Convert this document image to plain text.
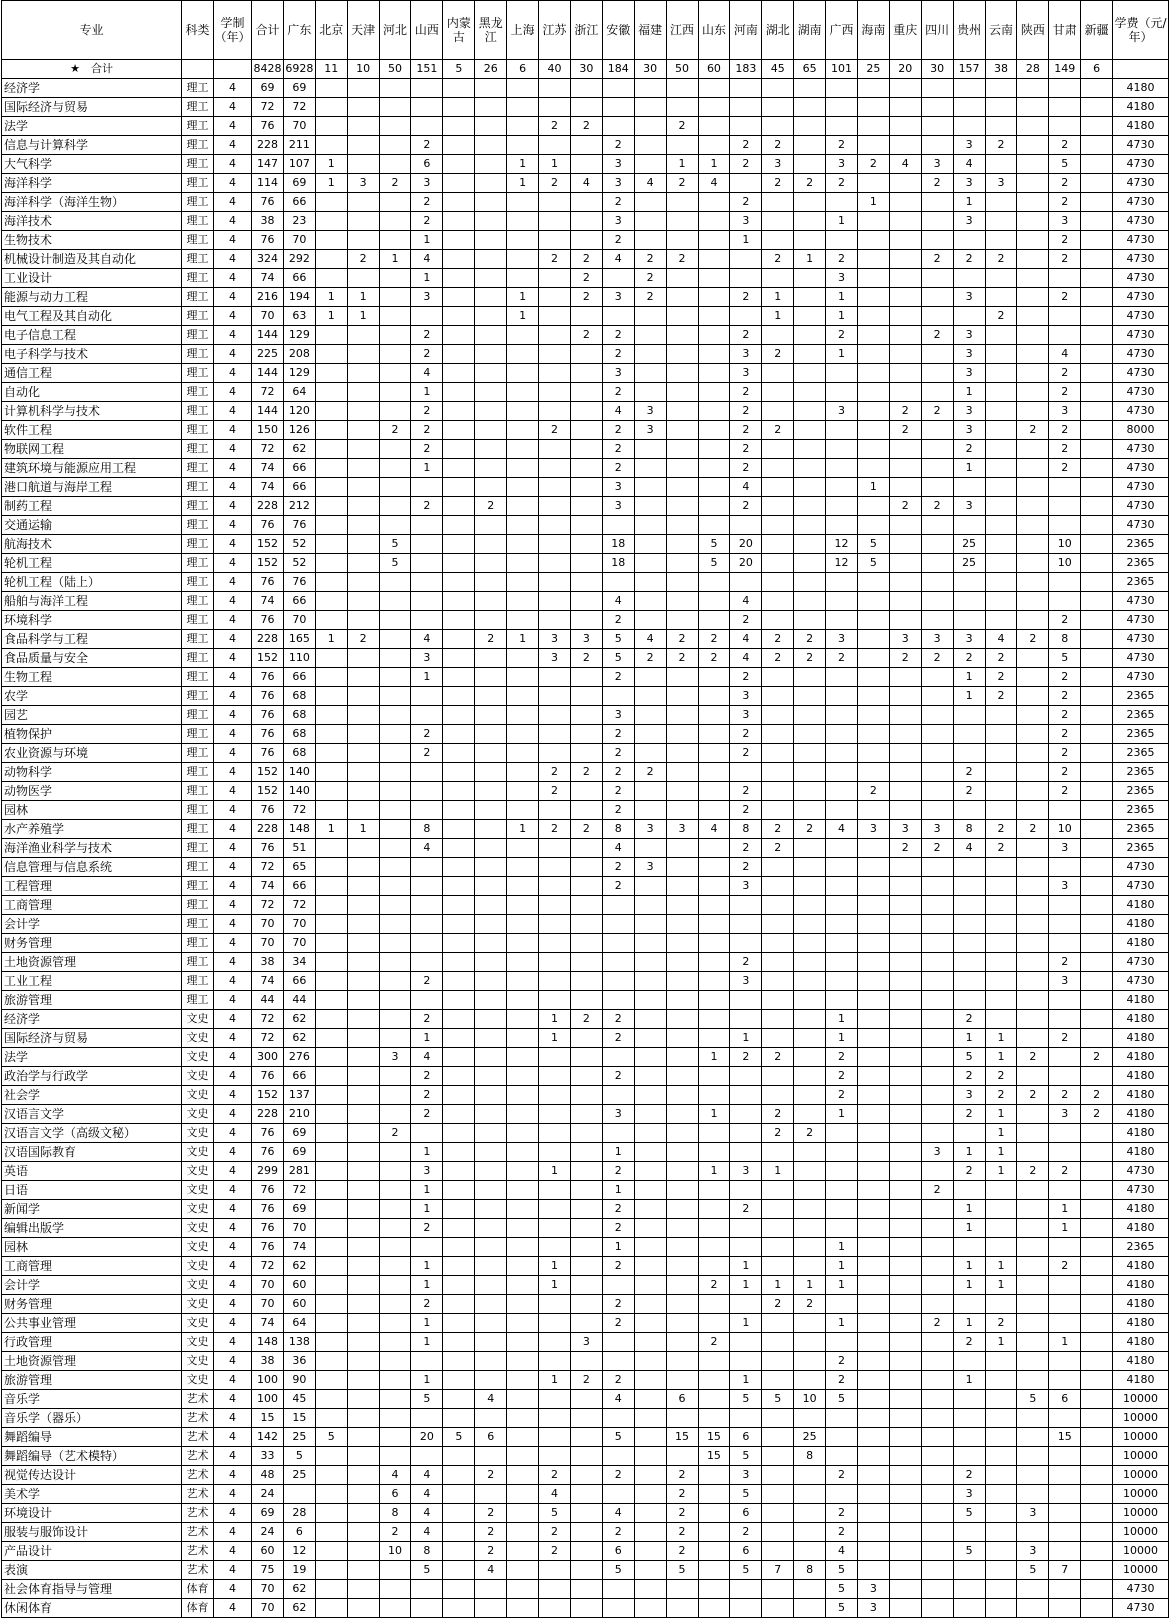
专业	科类	学制（年）	合计	广东	北京	天津	河北	山西	内蒙古	黑龙江	上海	江苏	浙江	安徽	福建	江西	山东	河南	湖北	湖南	广西	海南	重庆	四川	贵州	云南	陕西	甘肃	新疆	学费（元/年）
★　合计			8428	6928	11	10	50	151	5	26	6	40	30	184	30	50	60	183	45	65	101	25	20	30	157	38	28	149	6	
经济学	理工	4	69	69																										4180
国际经济与贸易	理工	4	72	72																										4180
法学	理工	4	76	70								2	2			2														4180
信息与计算科学	理工	4	228	211				2						2				2	2		2				3	2		2		4730
大气科学	理工	4	147	107	1			6			1	1		3		1	1	2	3		3	2	4	3	4			5		4730
海洋科学	理工	4	114	69	1	3	2	3			1	2	4	3	4	2	4		2	2	2			2	3	3		2		4730
海洋科学（海洋生物）	理工	4	76	66				2						2				2				1			1			2		4730
海洋技术	理工	4	38	23				2						3				3			1				3			3		4730
生物技术	理工	4	76	70				1						2				1										2		4730
机械设计制造及其自动化	理工	4	324	292		2	1	4				2	2	4	2	2			2	1	2			2	2	2		2		4730
工业设计	理工	4	74	66				1					2		2						3									4730
能源与动力工程	理工	4	216	194	1	1		3			1		2	3	2			2	1		1				3			2		4730
电气工程及其自动化	理工	4	70	63	1	1					1								1		1					2				4730
电子信息工程	理工	4	144	129				2					2	2				2			2			2	3					4730
电子科学与技术	理工	4	225	208				2						2				3	2		1				3			4		4730
通信工程	理工	4	144	129				4						3				3							3			2		4730
自动化	理工	4	72	64				1						2				2							1			2		4730
计算机科学与技术	理工	4	144	120				2						4	3			2			3		2	2	3			3		4730
软件工程	理工	4	150	126			2	2				2		2	3			2	2				2		3		2	2		8000
物联网工程	理工	4	72	62				2						2				2							2			2		4730
建筑环境与能源应用工程	理工	4	74	66				1						2				2							1			2		4730
港口航道与海岸工程	理工	4	74	66										3				4				1								4730
制药工程	理工	4	228	212				2		2				3				2					2	2	3					4730
交通运输	理工	4	76	76																										4730
航海技术	理工	4	152	52			5							18			5	20			12	5			25			10		2365
轮机工程	理工	4	152	52			5							18			5	20			12	5			25			10		2365
轮机工程（陆上）	理工	4	76	76																										2365
船舶与海洋工程	理工	4	74	66										4				4												4730
环境科学	理工	4	76	70										2				2										2		4730
食品科学与工程	理工	4	228	165	1	2		4		2	1	3	3	5	4	2	2	4	2	2	3		3	3	3	4	2	8		4730
食品质量与安全	理工	4	152	110				3				3	2	5	2	2	2	4	2	2	2		2	2	2	2		5		4730
生物工程	理工	4	76	66				1						2				2							1	2		2		4730
农学	理工	4	76	68														3							1	2		2		2365
园艺	理工	4	76	68										3				3										2		2365
植物保护	理工	4	76	68				2						2				2										2		2365
农业资源与环境	理工	4	76	68				2						2				2										2		2365
动物科学	理工	4	152	140								2	2	2	2										2			2		2365
动物医学	理工	4	152	140								2		2				2				2			2			2		2365
园林	理工	4	76	72										2				2												2365
水产养殖学	理工	4	228	148	1	1		8			1	2	2	8	3	3	4	8	2	2	4	3	3	3	8	2	2	10		2365
海洋渔业科学与技术	理工	4	76	51				4						4				2	2				2	2	4	2		3		2365
信息管理与信息系统	理工	4	72	65										2	3			2												4730
工程管理	理工	4	74	66										2				3										3		4730
工商管理	理工	4	72	72																										4180
会计学	理工	4	70	70																										4180
财务管理	理工	4	70	70																										4180
土地资源管理	理工	4	38	34														2										2		4730
工业工程	理工	4	74	66				2										3										3		4730
旅游管理	理工	4	44	44																										4180
经济学	文史	4	72	62				2				1	2	2							1				2					4180
国际经济与贸易	文史	4	72	62				1				1		2				1			1				1	1		2		4180
法学	文史	4	300	276			3	4									1	2	2		2				5	1	2		2	4180
政治学与行政学	文史	4	76	66				2						2							2				2	2				4180
社会学	文史	4	152	137				2													2				3	2	2	2	2	4180
汉语言文学	文史	4	228	210				2						3			1		2		1				2	1		3	2	4180
汉语言文学（高级文秘）	文史	4	76	69			2												2	2						1				4180
汉语国际教育	文史	4	76	69				1						1										3	1	1				4180
英语	文史	4	299	281				3				1		2			1	3	1						2	1	2	2		4730
日语	文史	4	76	72				1						1										2						4730
新闻学	文史	4	76	69				1						2				2							1			1		4180
编辑出版学	文史	4	76	70				2						2											1			1		4180
园林	文史	4	76	74										1							1									2365
工商管理	文史	4	72	62				1				1		2				1			1				1	1		2		4180
会计学	文史	4	70	60				1				1					2	1	1	1	1				1	1				4180
财务管理	文史	4	70	60				2						2					2	2										4180
公共事业管理	文史	4	74	64				1						2				1			1			2	1	2				4180
行政管理	文史	4	148	138				1					3				2								2	1		1		4180
土地资源管理	文史	4	38	36																	2									4180
旅游管理	文史	4	100	90				1				1	2	2				1			2				1					4180
音乐学	艺术	4	100	45				5		4				4		6		5	5	10	5						5	6		10000
音乐学（器乐）	艺术	4	15	15																										10000
舞蹈编导	艺术	4	142	25	5			20	5	6				5		15	15	6		25								15		10000
舞蹈编导（艺术模特）	艺术	4	33	5													15	5		8										10000
视觉传达设计	艺术	4	48	25			4	4		2		2		2		2		3			2				2					10000
美术学	艺术	4	24				6	4				4				2		5							3					10000
环境设计	艺术	4	69	28			8	4		2		5		4		2		6			2				5		3			10000
服装与服饰设计	艺术	4	24	6			2	4		2		2		2		2		2			2									10000
产品设计	艺术	4	60	12			10	8		2		2		6		2		6			4				5		3			10000
表演	艺术	4	75	19				5		4				5		5		5	7	8	5						5	7		10000
社会体育指导与管理	体育	4	70	62																	5	3								4730
休闲体育	体育	4	70	62																	5	3								4730
